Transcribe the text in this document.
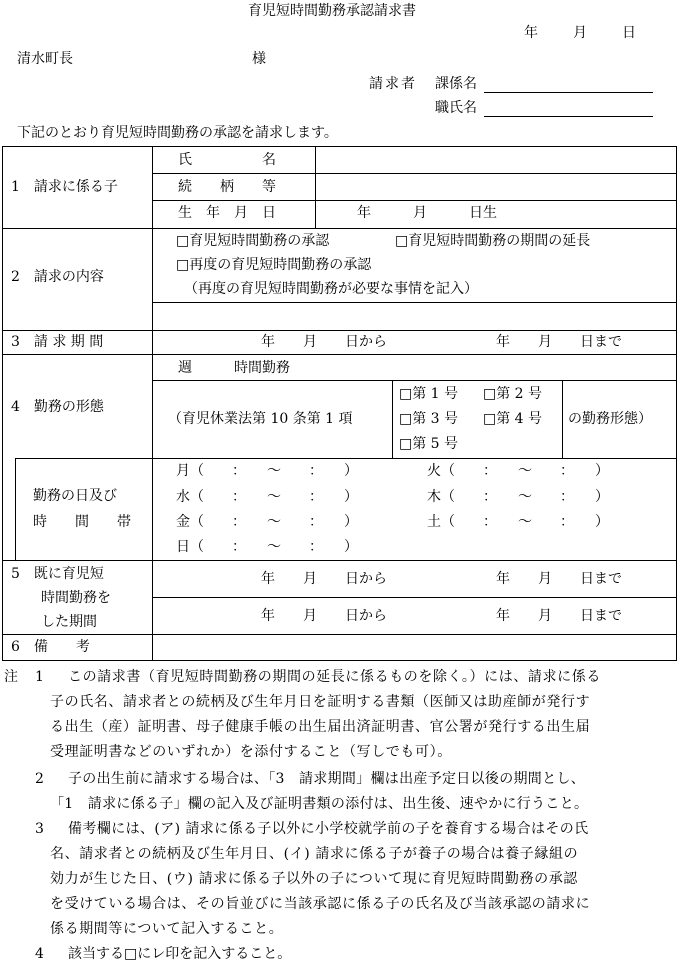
育児短時間勤務承認請求書
年	月	日
清水町長	様
請求者 課係名
職氏名
下記のとおり育児短時間勤務の承認を請求します。
1　請求に係る子
氏　　　　　名
続　　柄　　等
生　年　月　日	年　　　月　　　日生
2　請求の内容
□育児短時間勤務の承認	□育児短時間勤務の期間の延長
□再度の育児短時間勤務の承認
（再度の育児短時間勤務が必要な事情を記入）
3　請 求 期 間	年　　月　　日から	年　　月　　日まで
4　勤務の形態
週　　　時間勤務
（育児休業法第 10 条第 1 項
□第 1 号 □第 2 号
□第 3 号 □第 4 号
□第 5 号
の勤務形態）
勤務の日及び
時　　間　　帯
月（　　：　　～　　：　　）	火（　　：　　～　　：　　）
水（　　：　　～　　：　　）	木（　　：　　～　　：　　）
金（　　：　　～　　：　　）	土（　　：　　～　　：　　）
日（　　：　　～　　：　　）
5　既に育児短
時間勤務を
した期間
年　　月　　日から	年　　月　　日まで
年　　月　　日から	年　　月　　日まで
6　備　　考
注 1 この請求書（育児短時間勤務の期間の延長に係るものを除く。）には、請求に係る
子の氏名、請求者との続柄及び生年月日を証明する書類（医師又は助産師が発行す
る出生（産）証明書、母子健康手帳の出生届出済証明書、官公署が発行する出生届
受理証明書などのいずれか）を添付すること（写しでも可）。
2 子の出生前に請求する場合は、「3　請求期間」欄は出産予定日以後の期間とし、
「1　請求に係る子」欄の記入及び証明書類の添付は、出生後、速やかに行うこと。
3 備考欄には、(ア) 請求に係る子以外に小学校就学前の子を養育する場合はその氏
名、請求者との続柄及び生年月日、(イ) 請求に係る子が養子の場合は養子縁組の
効力が生じた日、(ウ) 請求に係る子以外の子について現に育児短時間勤務の承認
を受けている場合は、その旨並びに当該承認に係る子の氏名及び当該承認の請求に
係る期間等について記入すること。
4 該当する□にレ印を記入すること。
